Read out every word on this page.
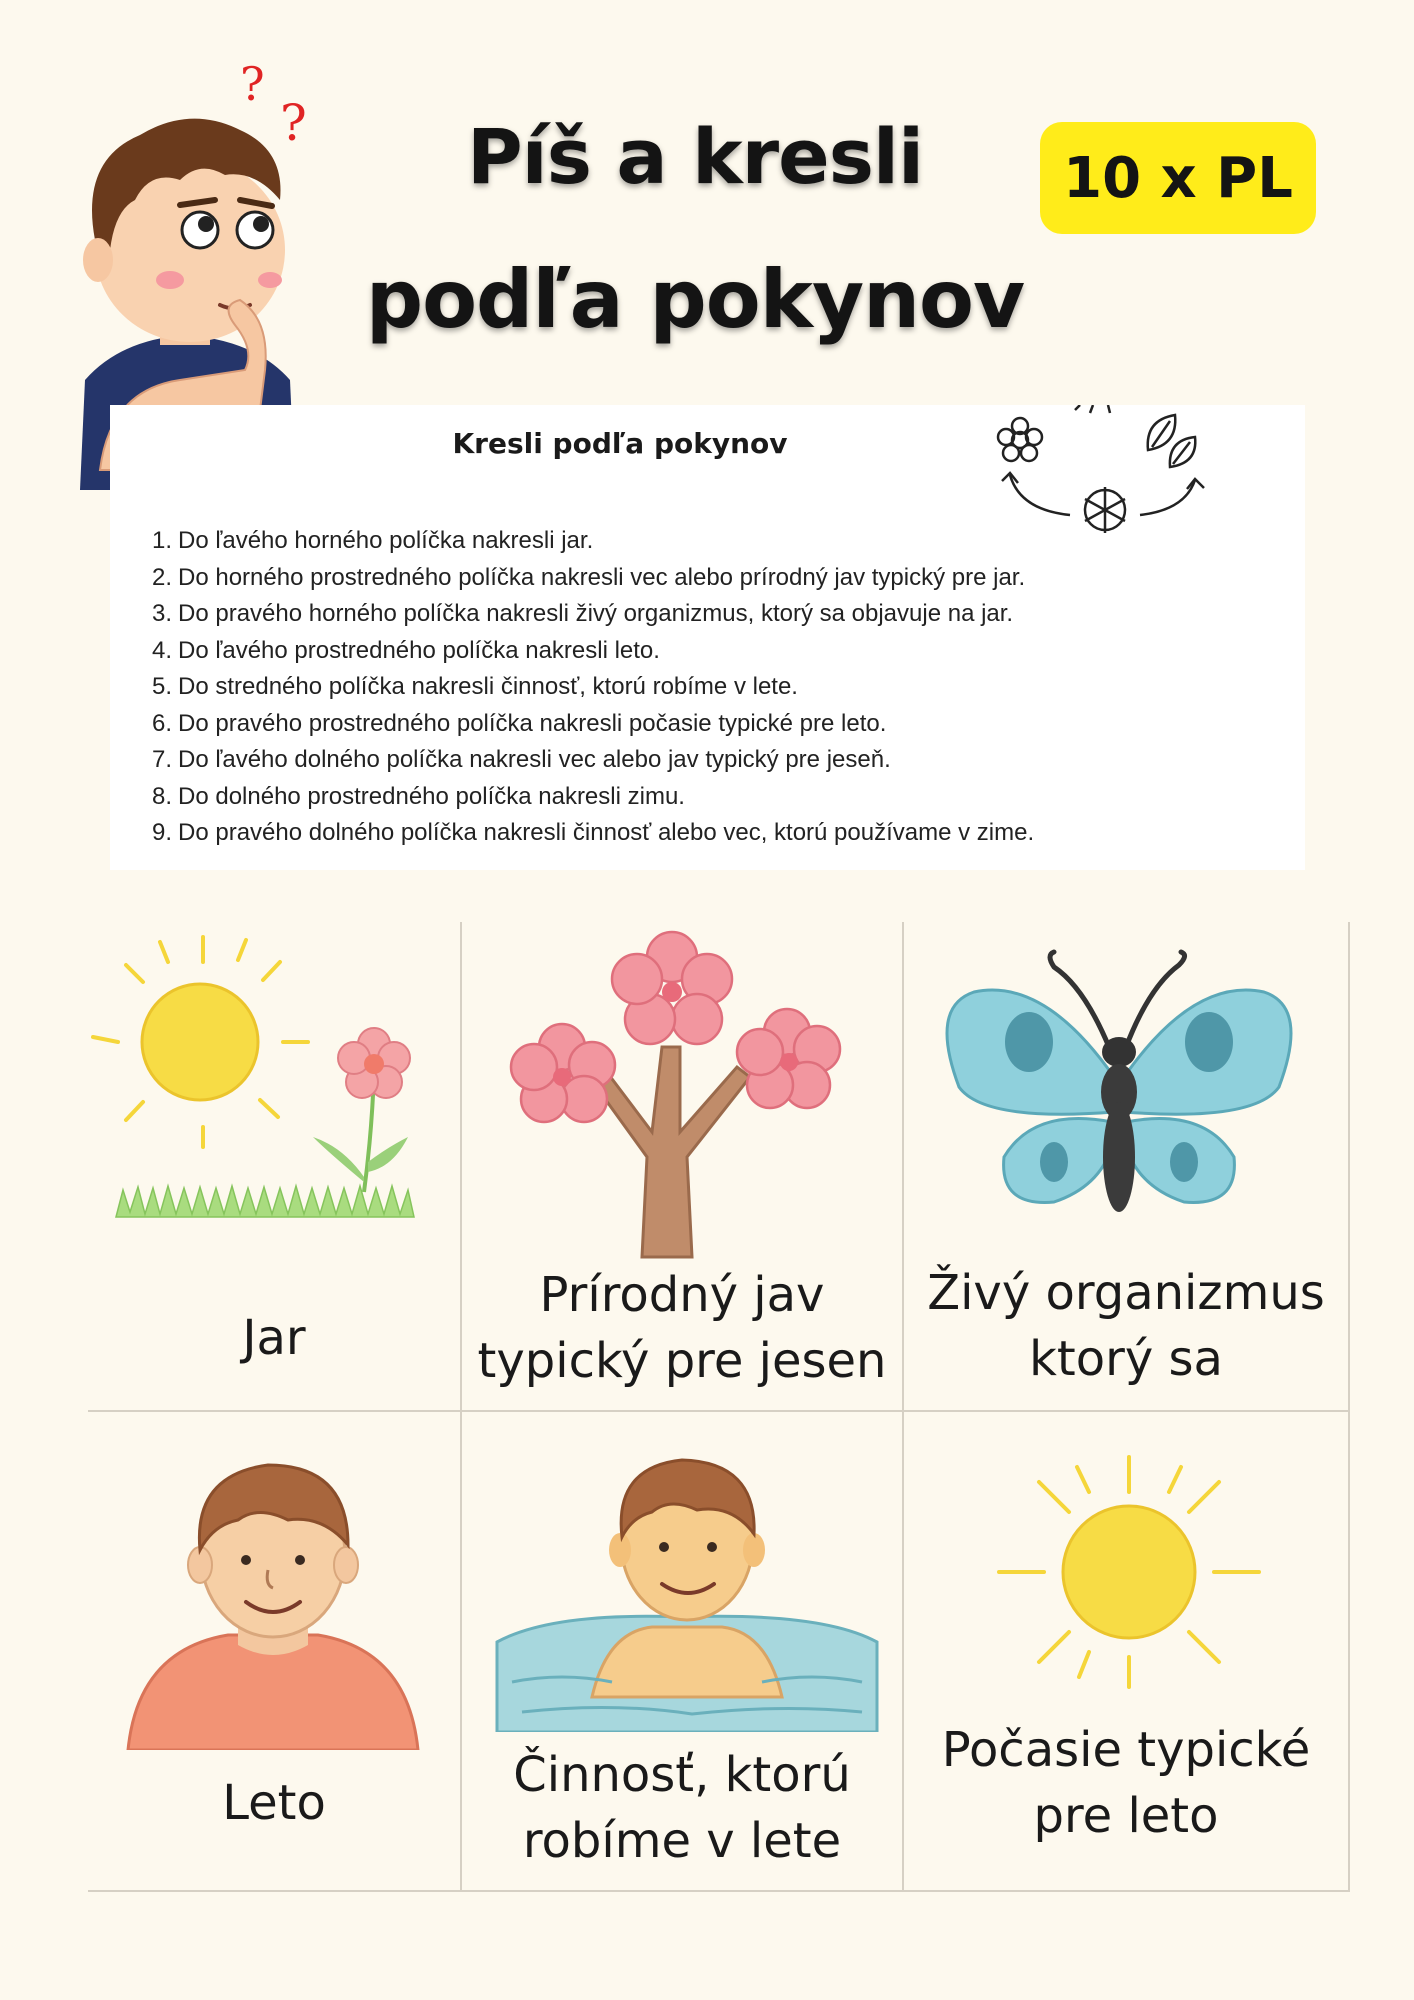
?
?	Píš a kresli
podľa pokynov
10 x PL
Kresli podľa pokynov
1. Do ľavého horného políčka nakresli jar.
2. Do horného prostredného políčka nakresli vec alebo prírodný jav typický pre jar.
3. Do pravého horného políčka nakresli živý organizmus, ktorý sa objavuje na jar.
4. Do ľavého prostredného políčka nakresli leto.
5. Do stredného políčka nakresli činnosť, ktorú robíme v lete.
6. Do pravého prostredného políčka nakresli počasie typické pre leto.
7. Do ľavého dolného políčka nakresli vec alebo jav typický pre jeseň.
8. Do dolného prostredného políčka nakresli zimu.
9. Do pravého dolného políčka nakresli činnosť alebo vec, ktorú používame v zime.
Jar
Prírodný jav
typický pre jesen
Živý organizmus
ktorý sa
Leto	Činnosť, ktorú
robíme v lete
Počasie typické
pre leto
